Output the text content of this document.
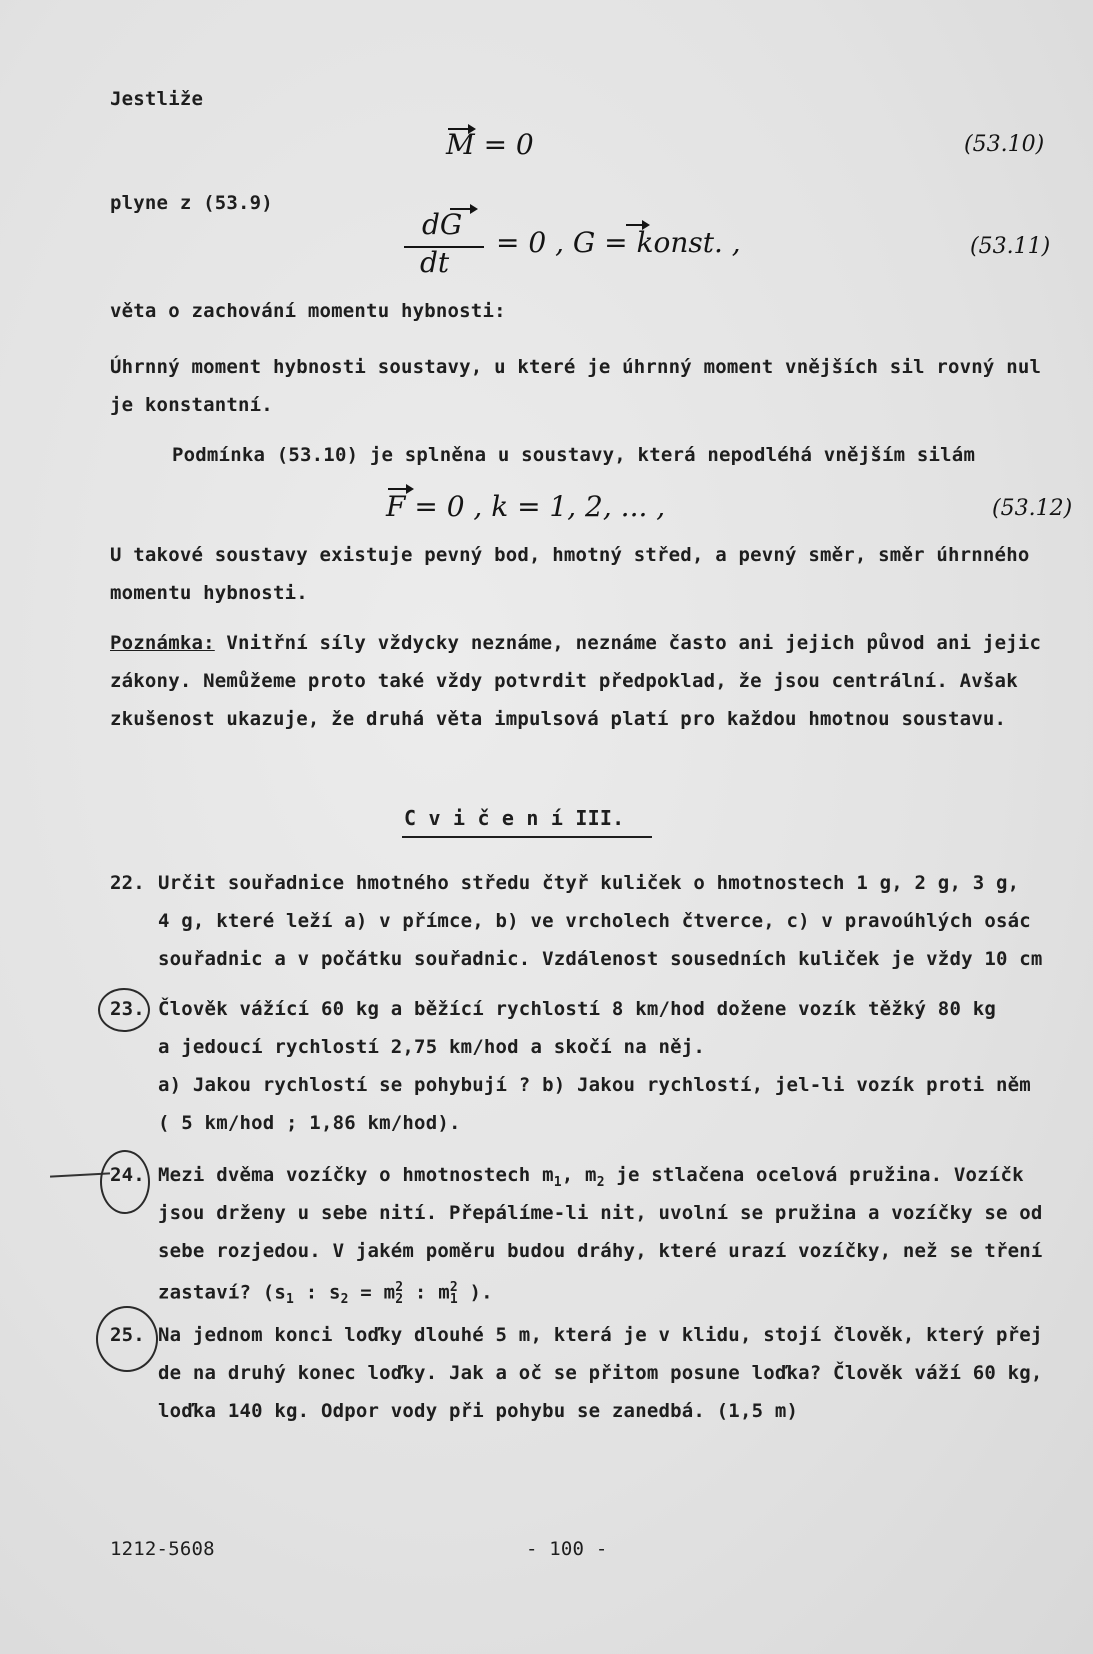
Jestliže
M = 0	(53.10)
plyne z (53.9)
dG
dt
= 0 , G = konst. ,	(53.11)
věta o zachování momentu hybnosti:
Úhrnný moment hybnosti soustavy, u které je úhrnný moment vnějších sil rovný nul
je konstantní.
Podmínka (53.10) je splněna u soustavy, která nepodléhá vnějším silám
F = 0 , k = 1, 2, ... ,	(53.12)
U takové soustavy existuje pevný bod, hmotný střed, a pevný směr, směr úhrnného
momentu hybnosti.
Poznámka: Vnitřní síly vždycky neznáme, neznáme často ani jejich původ ani jejic
zákony. Nemůžeme proto také vždy potvrdit předpoklad, že jsou centrální. Avšak
zkušenost ukazuje, že druhá věta impulsová platí pro každou hmotnou soustavu.
C v i č e n í III.
22. Určit souřadnice hmotného středu čtyř kuliček o hmotnostech 1 g, 2 g, 3 g,
4 g, které leží a) v přímce, b) ve vrcholech čtverce, c) v pravoúhlých osác
souřadnic a v počátku souřadnic. Vzdálenost sousedních kuliček je vždy 10 cm
23. Člověk vážící 60 kg a běžící rychlostí 8 km/hod dožene vozík těžký 80 kg
a jedoucí rychlostí 2,75 km/hod a skočí na něj.
a) Jakou rychlostí se pohybují ? b) Jakou rychlostí, jel-li vozík proti něm
( 5 km/hod ; 1,86 km/hod).
24. Mezi dvěma vozíčky o hmotnostech $m_1$, $m_2$ je stlačena ocelová pružina. Vozíčk
jsou drženy u sebe nití. Přepálíme-li nit, uvolní se pružina a vozíčky se od
sebe rozjedou. V jakém poměru budou dráhy, které urazí vozíčky, než se tření
zastaví? ($s_1$ : $s_2 = m^2_2$ : $m^2_1$ ).
25. Na jednom konci loďky dlouhé 5 m, která je v klidu, stojí člověk, který přej
de na druhý konec loďky. Jak a oč se přitom posune loďka? Člověk váží 60 kg,
loďka 140 kg. Odpor vody při pohybu se zanedbá. (1,5 m)
1212-5608	- 100 -
